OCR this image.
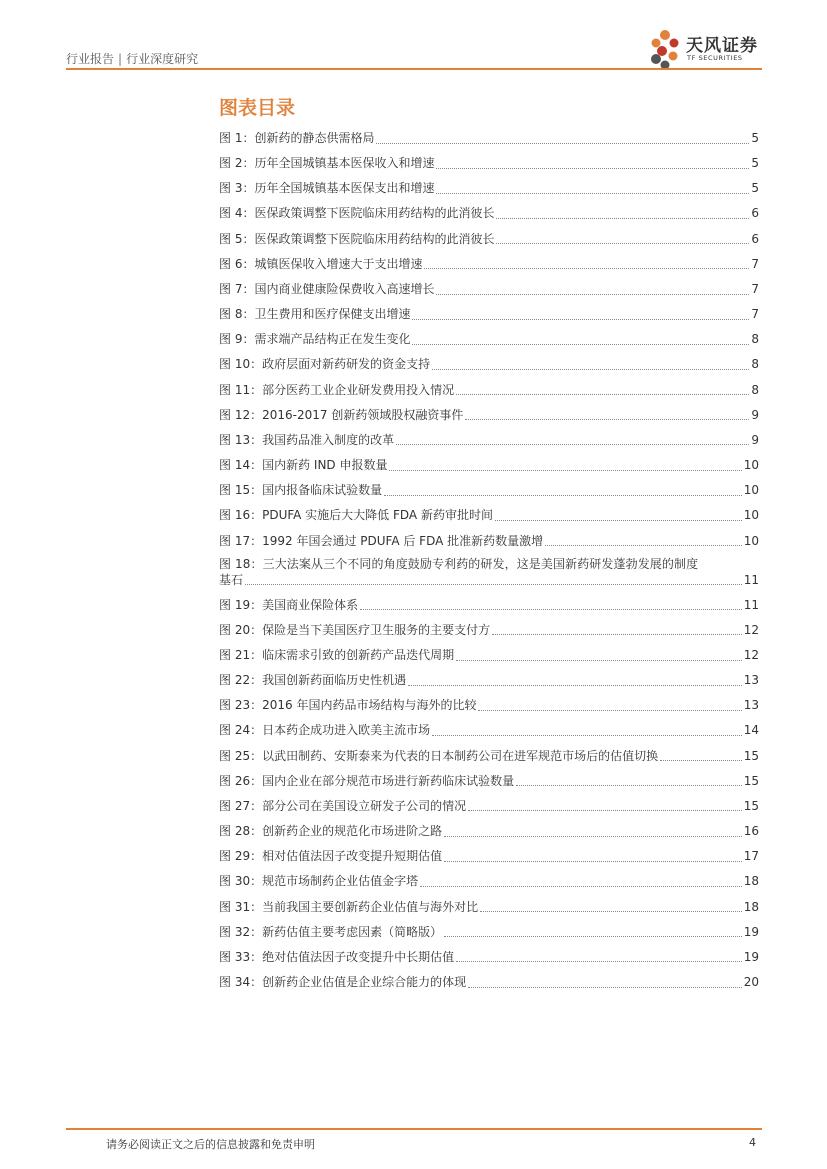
行业报告 | 行业深度研究
天风证券
TF SECURITIES
图表目录
图 1： 创新药的静态供需格局	5
图 2： 历年全国城镇基本医保收入和增速	5
图 3： 历年全国城镇基本医保支出和增速	5
图 4： 医保政策调整下医院临床用药结构的此消彼长	6
图 5： 医保政策调整下医院临床用药结构的此消彼长	6
图 6： 城镇医保收入增速大于支出增速	7
图 7： 国内商业健康险保费收入高速增长	7
图 8： 卫生费用和医疗保健支出增速	7
图 9： 需求端产品结构正在发生变化	8
图 10： 政府层面对新药研发的资金支持	8
图 11： 部分医药工业企业研发费用投入情况	8
图 12： 2016-2017 创新药领域股权融资事件	9
图 13： 我国药品准入制度的改革	9
图 14： 国内新药 IND 申报数量	10
图 15： 国内报备临床试验数量	10
图 16： PDUFA 实施后大大降低 FDA 新药审批时间	10
图 17： 1992 年国会通过 PDUFA 后 FDA 批准新药数量激增	10
图 18：三大法案从三个不同的角度鼓励专利药的研发，这是美国新药研发蓬勃发展的制度
基石	11
图 19： 美国商业保险体系	11
图 20： 保险是当下美国医疗卫生服务的主要支付方	12
图 21： 临床需求引致的创新药产品迭代周期	12
图 22： 我国创新药面临历史性机遇	13
图 23： 2016 年国内药品市场结构与海外的比较	13
图 24： 日本药企成功进入欧美主流市场	14
图 25： 以武田制药、安斯泰来为代表的日本制药公司在进军规范市场后的估值切换	15
图 26： 国内企业在部分规范市场进行新药临床试验数量	15
图 27： 部分公司在美国设立研发子公司的情况	15
图 28： 创新药企业的规范化市场进阶之路	16
图 29： 相对估值法因子改变提升短期估值	17
图 30： 规范市场制药企业估值金字塔	18
图 31： 当前我国主要创新药企业估值与海外对比	18
图 32： 新药估值主要考虑因素（简略版）	19
图 33： 绝对估值法因子改变提升中长期估值	19
图 34： 创新药企业估值是企业综合能力的体现	20
请务必阅读正文之后的信息披露和免责申明	4
